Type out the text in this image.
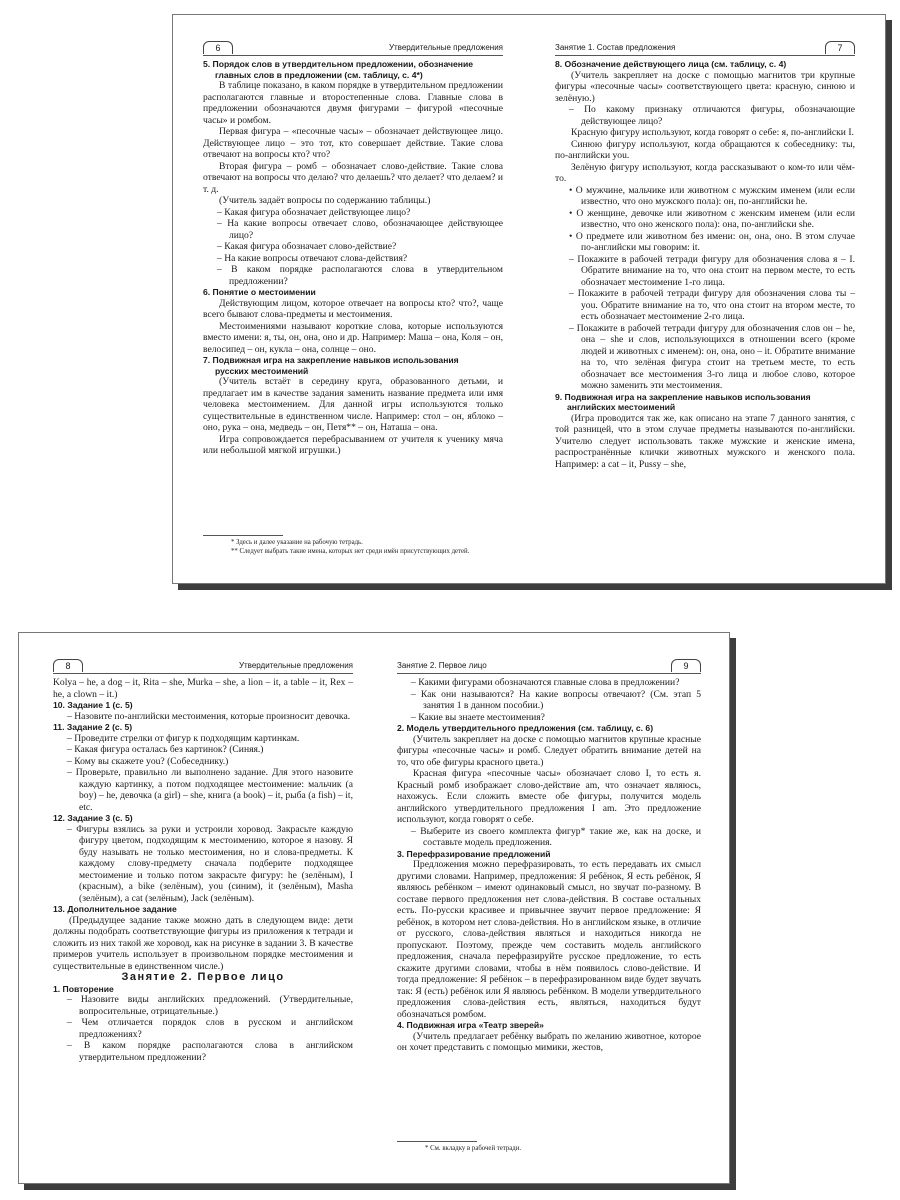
6	Утвердительные предложения

5. Порядок слов в утвердительном предложении, обозначение
главных слов в предложении (см. таблицу, с. 4*)

В таблице показано, в каком порядке в утвердительном предложении располагаются главные и второстепенные слова. Главные слова в предложении обозначаются двумя фигурами – фигурой «песочные часы» и ромбом.

Первая фигура – «песочные часы» – обозначает действующее лицо. Действующее лицо – это тот, кто совершает действие. Такие слова отвечают на вопросы кто? что?

Вторая фигура – ромб – обозначает слово-действие. Такие слова отвечают на вопросы что делаю? что делаешь? что делает? что делаем? и т. д.

(Учитель задаёт вопросы по содержанию таблицы.)

– Какая фигура обозначает действующее лицо?

– На какие вопросы отвечает слово, обозначающее действующее лицо?

– Какая фигура обозначает слово-действие?

– На какие вопросы отвечают слова-действия?

– В каком порядке располагаются слова в утвердительном предложении?

6. Понятие о местоимении

Действующим лицом, которое отвечает на вопросы кто? что?, чаще всего бывают слова-предметы и местоимения.

Местоимениями называют короткие слова, которые используются вместо имени: я, ты, он, она, оно и др. Например: Маша – она, Коля – он, велосипед – он, кукла – она, солнце – оно.

7. Подвижная игра на закрепление навыков использования
русских местоимений

(Учитель встаёт в середину круга, образованного детьми, и предлагает им в качестве задания заменить название предмета или имя человека местоимением. Для данной игры используются только существительные в единственном числе. Например: стол – он, яблоко – оно, рука – она, медведь – он, Петя** – он, Наташа – она.

Игра сопровождается перебрасыванием от учителя к ученику мяча или небольшой мягкой игрушки.)

* Здесь и далее указание на рабочую тетрадь.

** Следует выбрать такие имена, которых нет среди имён присутствующих детей.

Занятие 1. Состав предложения	7

8. Обозначение действующего лица (см. таблицу, с. 4)

(Учитель закрепляет на доске с помощью магнитов три крупные фигуры «песочные часы» соответствующего цвета: красную, синюю и зелёную.)

– По какому признаку отличаются фигуры, обозначающие действующее лицо?

Красную фигуру используют, когда говорят о себе: я, по-английски I.

Синюю фигуру используют, когда обращаются к собеседнику: ты, по-английски you.

Зелёную фигуру используют, когда рассказывают о ком-то или чём-то.

• О мужчине, мальчике или животном с мужским именем (или если известно, что оно мужского пола): он, по-английски he.

• О женщине, девочке или животном с женским именем (или если известно, что оно женского пола): она, по-английски she.

• О предмете или животном без имени: он, она, оно. В этом случае по-английски мы говорим: it.

– Покажите в рабочей тетради фигуру для обозначения слова я – I. Обратите внимание на то, что она стоит на первом месте, то есть обозначает местоимение 1-го лица.

– Покажите в рабочей тетради фигуру для обозначения слова ты – you. Обратите внимание на то, что она стоит на втором месте, то есть обозначает местоимение 2-го лица.

– Покажите в рабочей тетради фигуру для обозначения слов он – he, она – she и слов, использующихся в отношении всего (кроме людей и животных с именем): он, она, оно – it. Обратите внимание на то, что зелёная фигура стоит на третьем месте, то есть обозначает все местоимения 3-го лица и любое слово, которое можно заменить эти местоимения.

9. Подвижная игра на закрепление навыков использования
английских местоимений

(Игра проводится так же, как описано на этапе 7 данного занятия, с той разницей, что в этом случае предметы называются по-английски. Учителю следует использовать также мужские и женские имена, распространённые клички животных мужского и женского пола. Например: a cat – it, Pussy – she,

8	Утвердительные предложения

Kolya – he, a dog – it, Rita – she, Murka – she, a lion – it, a table – it, Rex – he, a clown – it.)

10. Задание 1 (с. 5)

– Назовите по-английски местоимения, которые произносит девочка.

11. Задание 2 (с. 5)

– Проведите стрелки от фигур к подходящим картинкам.

– Какая фигура осталась без картинок? (Синяя.)

– Кому вы скажете you? (Собеседнику.)

– Проверьте, правильно ли выполнено задание. Для этого назовите каждую картинку, а потом подходящее местоимение: мальчик (a boy) – he, девочка (a girl) – she, книга (a book) – it, рыба (a fish) – it, etc.

12. Задание 3 (с. 5)

– Фигуры взялись за руки и устроили хоровод. Закрасьте каждую фигуру цветом, подходящим к местоимению, которое я назову. Я буду называть не только местоимения, но и слова-предметы. К каждому слову-предмету сначала подберите подходящее местоимение и только потом закрасьте фигуру: he (зелёным), I (красным), a bike (зелёным), you (синим), it (зелёным), Masha (зелёным), a cat (зелёным), Jack (зелёным).

13. Дополнительное задание

(Предыдущее задание также можно дать в следующем виде: дети должны подобрать соответствующие фигуры из приложения к тетради и сложить из них такой же хоровод, как на рисунке в задании 3. В качестве примеров учитель использует в произвольном порядке местоимения и существительные в единственном числе.)

Занятие 2. Первое лицо

1. Повторение

– Назовите виды английских предложений. (Утвердительные, вопросительные, отрицательные.)

– Чем отличается порядок слов в русском и английском предложениях?

– В каком порядке располагаются слова в английском утвердительном предложении?

Занятие 2. Первое лицо	9

– Какими фигурами обозначаются главные слова в предложении?

– Как они называются? На какие вопросы отвечают? (См. этап 5 занятия 1 в данном пособии.)

– Какие вы знаете местоимения?

2. Модель утвердительного предложения (см. таблицу, с. 6)

(Учитель закрепляет на доске с помощью магнитов крупные красные фигуры «песочные часы» и ромб. Следует обратить внимание детей на то, что обе фигуры красного цвета.)

Красная фигура «песочные часы» обозначает слово I, то есть я. Красный ромб изображает слово-действие am, что означает являюсь, нахожусь. Если сложить вместе обе фигуры, получится модель английского утвердительного предложения I am. Это предложение используют, когда говорят о себе.

– Выберите из своего комплекта фигур* такие же, как на доске, и составьте модель предложения.

3. Перефразирование предложений

Предложения можно перефразировать, то есть передавать их смысл другими словами. Например, предложения: Я ребёнок, Я есть ребёнок, Я являюсь ребёнком – имеют одинаковый смысл, но звучат по-разному. В составе первого предложения нет слова-действия. В составе остальных есть. По-русски красивее и привычнее звучит первое предложение: Я ребёнок, в котором нет слова-действия. Но в английском языке, в отличие от русского, слова-действия являться и находиться никогда не пропускают. Поэтому, прежде чем составить модель английского предложения, сначала перефразируйте русское предложение, то есть скажите другими словами, чтобы в нём появилось слово-действие. И тогда предложение: Я ребёнок – в перефразированном виде будет звучать так: Я (есть) ребёнок или Я являюсь ребёнком. В модели утвердительного предложения слова-действия есть, являться, находиться будут обозначаться ромбом.

4. Подвижная игра «Театр зверей»

(Учитель предлагает ребёнку выбрать по желанию животное, которое он хочет представить с помощью мимики, жестов,

* См. вкладку в рабочей тетради.
